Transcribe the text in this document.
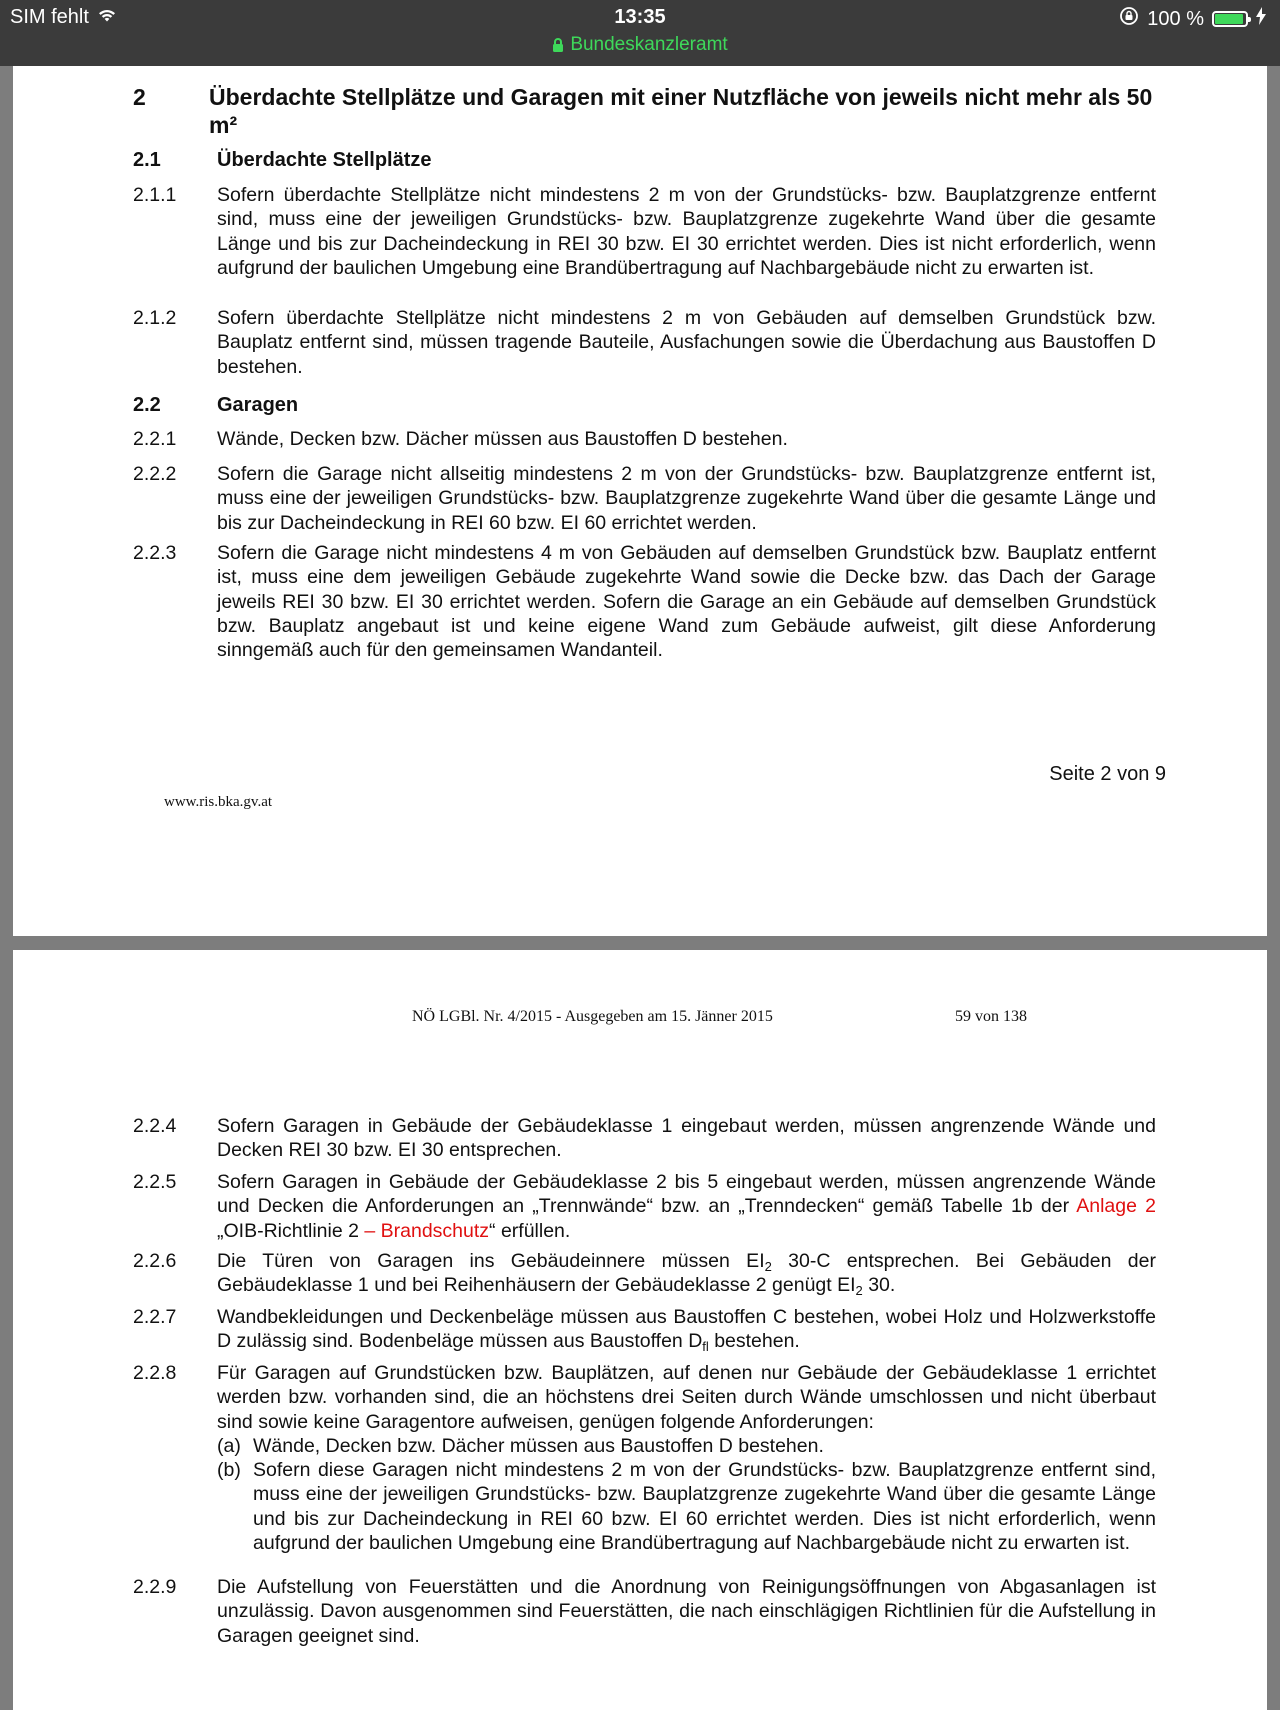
SIM fehlt	13:35
Bundeskanzleramt
100 %
2	Überdachte Stellplätze und Garagen mit einer Nutzfläche von jeweils nicht mehr als 50 m²
2.1	Überdachte Stellplätze
2.1.1 Sofern überdachte Stellplätze nicht mindestens 2 m von der Grundstücks- bzw. Bauplatzgrenze entfernt sind, muss eine der jeweiligen Grundstücks- bzw. Bauplatzgrenze zugekehrte Wand über die gesamte Länge und bis zur Dacheindeckung in REI 30 bzw. EI 30 errichtet werden. Dies ist nicht erforderlich, wenn aufgrund der baulichen Umgebung eine Brandübertragung auf Nachbargebäude nicht zu erwarten ist.
2.1.2 Sofern überdachte Stellplätze nicht mindestens 2 m von Gebäuden auf demselben Grundstück bzw. Bauplatz entfernt sind, müssen tragende Bauteile, Ausfachungen sowie die Überdachung aus Baustoffen D bestehen.
2.2	Garagen
2.2.1 Wände, Decken bzw. Dächer müssen aus Baustoffen D bestehen.
2.2.2 Sofern die Garage nicht allseitig mindestens 2 m von der Grundstücks- bzw. Bauplatzgrenze entfernt ist, muss eine der jeweiligen Grundstücks- bzw. Bauplatzgrenze zugekehrte Wand über die gesamte Länge und bis zur Dacheindeckung in REI 60 bzw. EI 60 errichtet werden.
2.2.3 Sofern die Garage nicht mindestens 4 m von Gebäuden auf demselben Grundstück bzw. Bauplatz entfernt ist, muss eine dem jeweiligen Gebäude zugekehrte Wand sowie die Decke bzw. das Dach der Garage jeweils REI 30 bzw. EI 30 errichtet werden. Sofern die Garage an ein Gebäude auf demselben Grundstück bzw. Bauplatz angebaut ist und keine eigene Wand zum Gebäude aufweist, gilt diese Anforderung sinngemäß auch für den gemeinsamen Wandanteil.
Seite 2 von 9
www.ris.bka.gv.at
NÖ LGBl. Nr. 4/2015 - Ausgegeben am 15. Jänner 2015	59 von 138
2.2.4 Sofern Garagen in Gebäude der Gebäudeklasse 1 eingebaut werden, müssen angrenzende Wände und Decken REI 30 bzw. EI 30 entsprechen.
2.2.5 Sofern Garagen in Gebäude der Gebäudeklasse 2 bis 5 eingebaut werden, müssen angrenzende Wände und Decken die Anforderungen an „Trennwände“ bzw. an „Trenndecken“ gemäß Tabelle 1b der Anlage 2 „OIB-Richtlinie 2 – Brandschutz“ erfüllen.
2.2.6 Die Türen von Garagen ins Gebäudeinnere müssen $EI_2$ 30-C entsprechen. Bei Gebäuden der Gebäudeklasse 1 und bei Reihenhäusern der Gebäudeklasse 2 genügt $EI_2$ 30.
2.2.7 Wandbekleidungen und Deckenbeläge müssen aus Baustoffen C bestehen, wobei Holz und Holzwerkstoffe D zulässig sind. Bodenbeläge müssen aus Baustoffen $D_{fl}$ bestehen.
2.2.8 Für Garagen auf Grundstücken bzw. Bauplätzen, auf denen nur Gebäude der Gebäudeklasse 1 errichtet werden bzw. vorhanden sind, die an höchstens drei Seiten durch Wände umschlossen und nicht überbaut sind sowie keine Garagentore aufweisen, genügen folgende Anforderungen:
(a) Wände, Decken bzw. Dächer müssen aus Baustoffen D bestehen.
(b) Sofern diese Garagen nicht mindestens 2 m von der Grundstücks- bzw. Bauplatzgrenze entfernt sind, muss eine der jeweiligen Grundstücks- bzw. Bauplatzgrenze zugekehrte Wand über die gesamte Länge und bis zur Dacheindeckung in REI 60 bzw. EI 60 errichtet werden. Dies ist nicht erforderlich, wenn aufgrund der baulichen Umgebung eine Brandübertragung auf Nachbargebäude nicht zu erwarten ist.
2.2.9 Die Aufstellung von Feuerstätten und die Anordnung von Reinigungsöffnungen von Abgasanlagen ist unzulässig. Davon ausgenommen sind Feuerstätten, die nach einschlägigen Richtlinien für die Aufstellung in Garagen geeignet sind.
